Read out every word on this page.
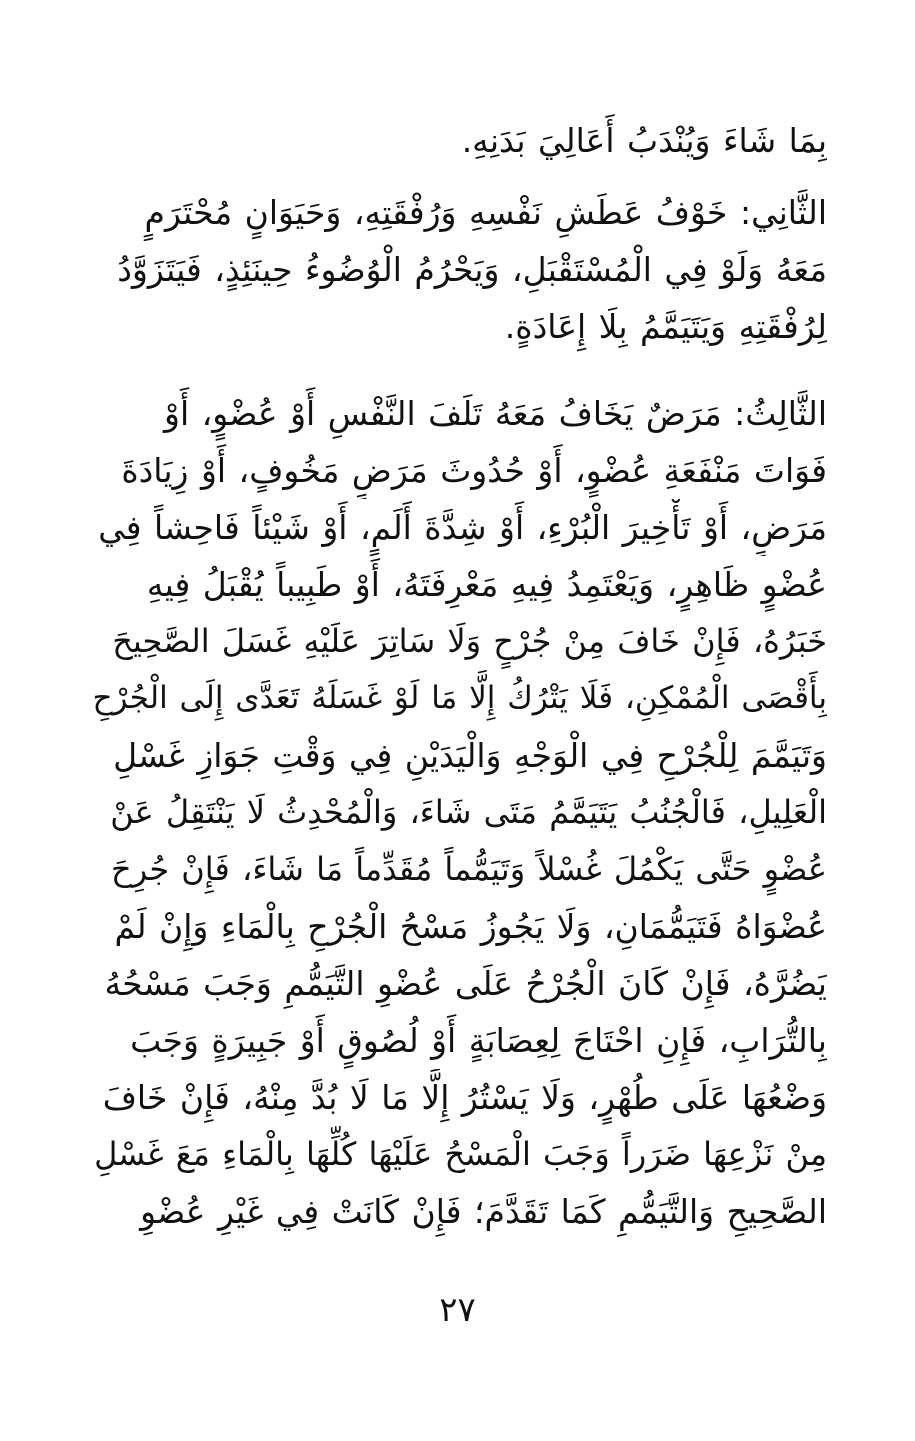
بِمَا شَاءَ وَيُنْدَبُ أَعَالِيَ بَدَنِهِ.

الثَّانِي: خَوْفُ عَطَشِ نَفْسِهِ وَرُفْقَتِهِ، وَحَيَوَانٍ مُحْتَرَمٍ
مَعَهُ وَلَوْ فِي الْمُسْتَقْبَلِ، وَيَحْرُمُ الْوُضُوءُ حِينَئِذٍ، فَيَتَزَوَّدُ
لِرُفْقَتِهِ وَيَتَيَمَّمُ بِلَا إِعَادَةٍ.

الثَّالِثُ: مَرَضٌ يَخَافُ مَعَهُ تَلَفَ النَّفْسِ أَوْ عُضْوٍ، أَوْ
فَوَاتَ مَنْفَعَةِ عُضْوٍ، أَوْ حُدُوثَ مَرَضٍ مَخُوفٍ، أَوْ زِيَادَةَ
مَرَضٍ، أَوْ تَأْخِيرَ الْبُرْءِ، أَوْ شِدَّةَ أَلَمٍ، أَوْ شَيْئاً فَاحِشاً فِي
عُضْوٍ ظَاهِرٍ، وَيَعْتَمِدُ فِيهِ مَعْرِفَتَهُ، أَوْ طَبِيباً يُقْبَلُ فِيهِ
خَبَرُهُ، فَإِنْ خَافَ مِنْ جُرْحٍ وَلَا سَاتِرَ عَلَيْهِ غَسَلَ الصَّحِيحَ
بِأَقْصَى الْمُمْكِنِ، فَلَا يَتْرُكُ إِلَّا مَا لَوْ غَسَلَهُ تَعَدَّى إِلَى الْجُرْحِ
وَتَيَمَّمَ لِلْجُرْحِ فِي الْوَجْهِ وَالْيَدَيْنِ فِي وَقْتِ جَوَازِ غَسْلِ
الْعَلِيلِ، فَالْجُنُبُ يَتَيَمَّمُ مَتَى شَاءَ، وَالْمُحْدِثُ لَا يَنْتَقِلُ عَنْ
عُضْوٍ حَتَّى يَكْمُلَ غُسْلاً وَتَيَمُّماً مُقَدِّماً مَا شَاءَ، فَإِنْ جُرِحَ
عُضْوَاهُ فَتَيَمُّمَانِ، وَلَا يَجُوزُ مَسْحُ الْجُرْحِ بِالْمَاءِ وَإِنْ لَمْ
يَضُرَّهُ، فَإِنْ كَانَ الْجُرْحُ عَلَى عُضْوِ التَّيَمُّمِ وَجَبَ مَسْحُهُ
بِالتُّرَابِ، فَإِنِ احْتَاجَ لِعِصَابَةٍ أَوْ لُصُوقٍ أَوْ جَبِيرَةٍ وَجَبَ
وَضْعُهَا عَلَى طُهْرٍ، وَلَا يَسْتُرُ إِلَّا مَا لَا بُدَّ مِنْهُ، فَإِنْ خَافَ
مِنْ نَزْعِهَا ضَرَراً وَجَبَ الْمَسْحُ عَلَيْهَا كُلِّهَا بِالْمَاءِ مَعَ غَسْلِ
الصَّحِيحِ وَالتَّيَمُّمِ كَمَا تَقَدَّمَ؛ فَإِنْ كَانَتْ فِي غَيْرِ عُضْوِ

٢٧
